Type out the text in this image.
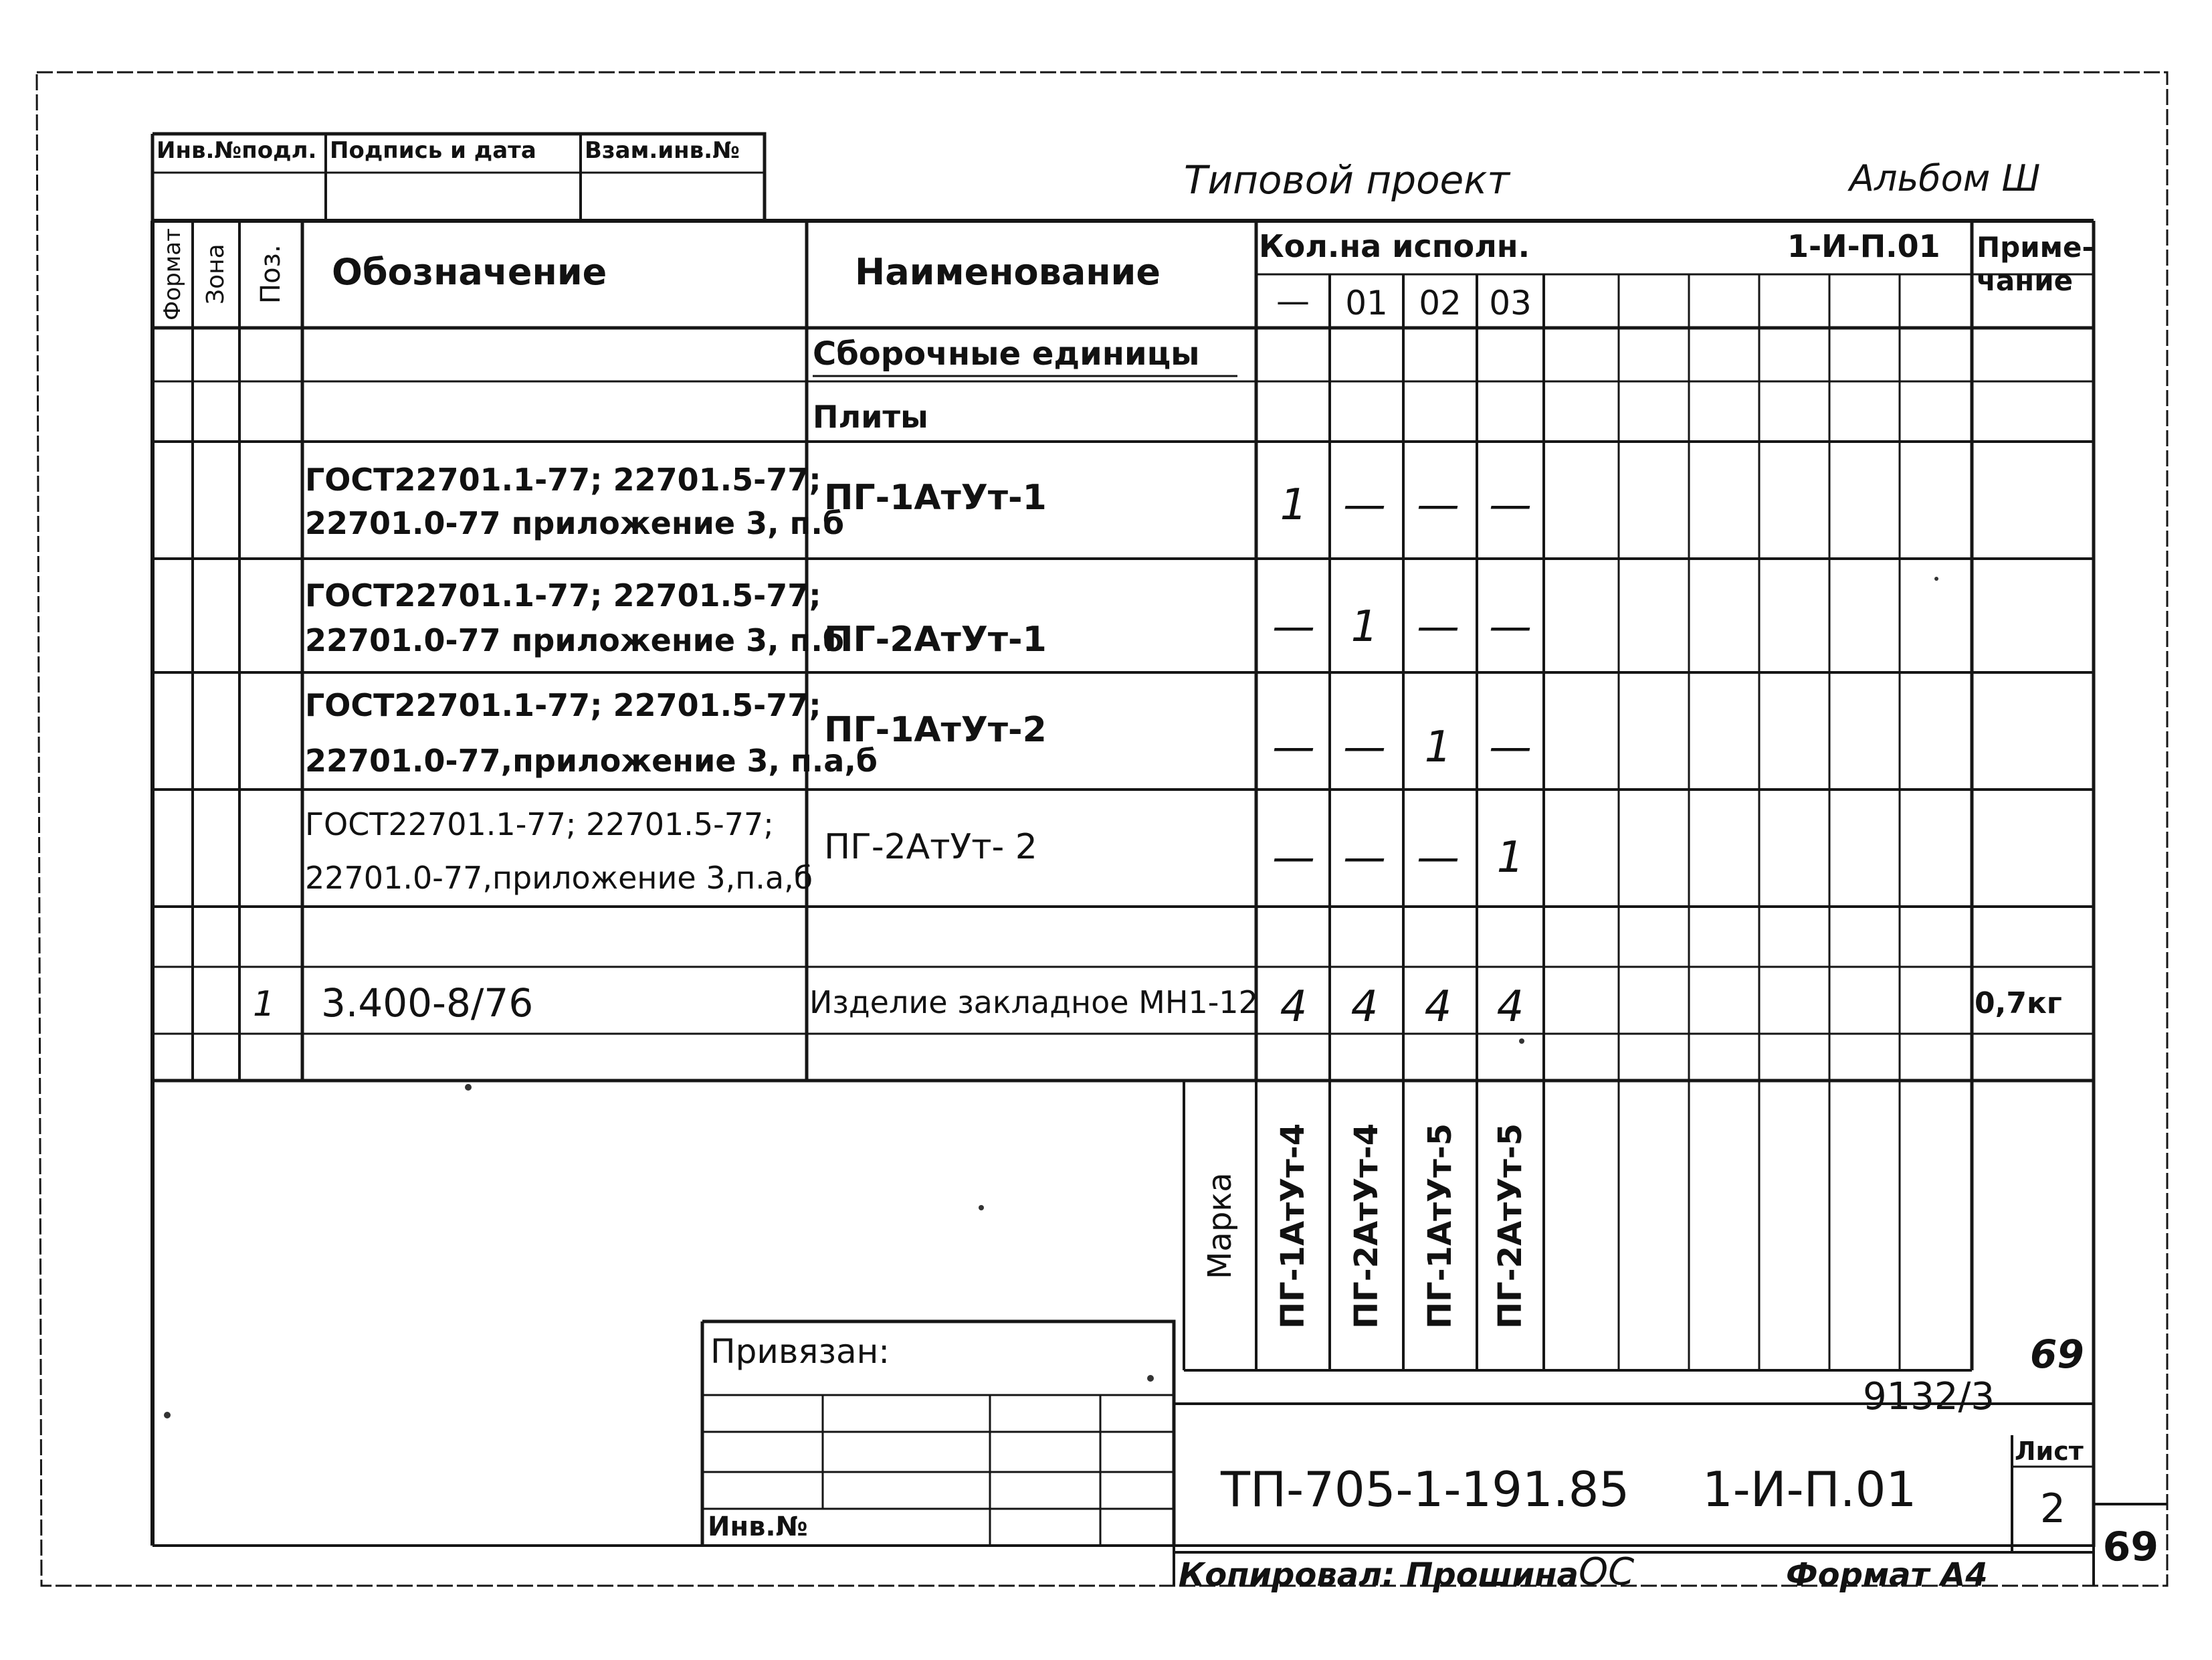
Типовой проект	Альбом Ш
Инв.№подл. Подпись и дата Взам.инв.№
Формат Зона Поз.	Обозначение	Наименование
Кол.на исполн.	1-И-П.01 Приме-
чание
—	01 02 03
Сборочные единицы
Плиты
ГОСТ22701.1-77; 22701.5-77;
22701.0-77 приложение 3, п.б
ПГ-1АтУт-1	1 — — —
ГОСТ22701.1-77; 22701.5-77;
22701.0-77 приложение 3, п.б
ПГ-2АтУт-1	— 1 — —
ГОСТ22701.1-77; 22701.5-77;
22701.0-77,приложение 3, п.а,б
ПГ-1АтУт-2	— — 1 —
ГОСТ22701.1-77; 22701.5-77;
22701.0-77,приложение 3,п.а,б
ПГ-2АтУт- 2	— — — 1
1 3.400-8/76	Изделие закладное МН1-12 4	4	4	4	0,7кг
Марка	ПГ-1АтУт-4	ПГ-2АтУт-4	ПГ-1АтУт-5	ПГ-2АтУт-5
Привязан:
Инв.№
69
9132/3
ТП-705-1-191.85 1-И-П.01
Лист
2
Копировал: Прошина ОС	Формат А4
69
